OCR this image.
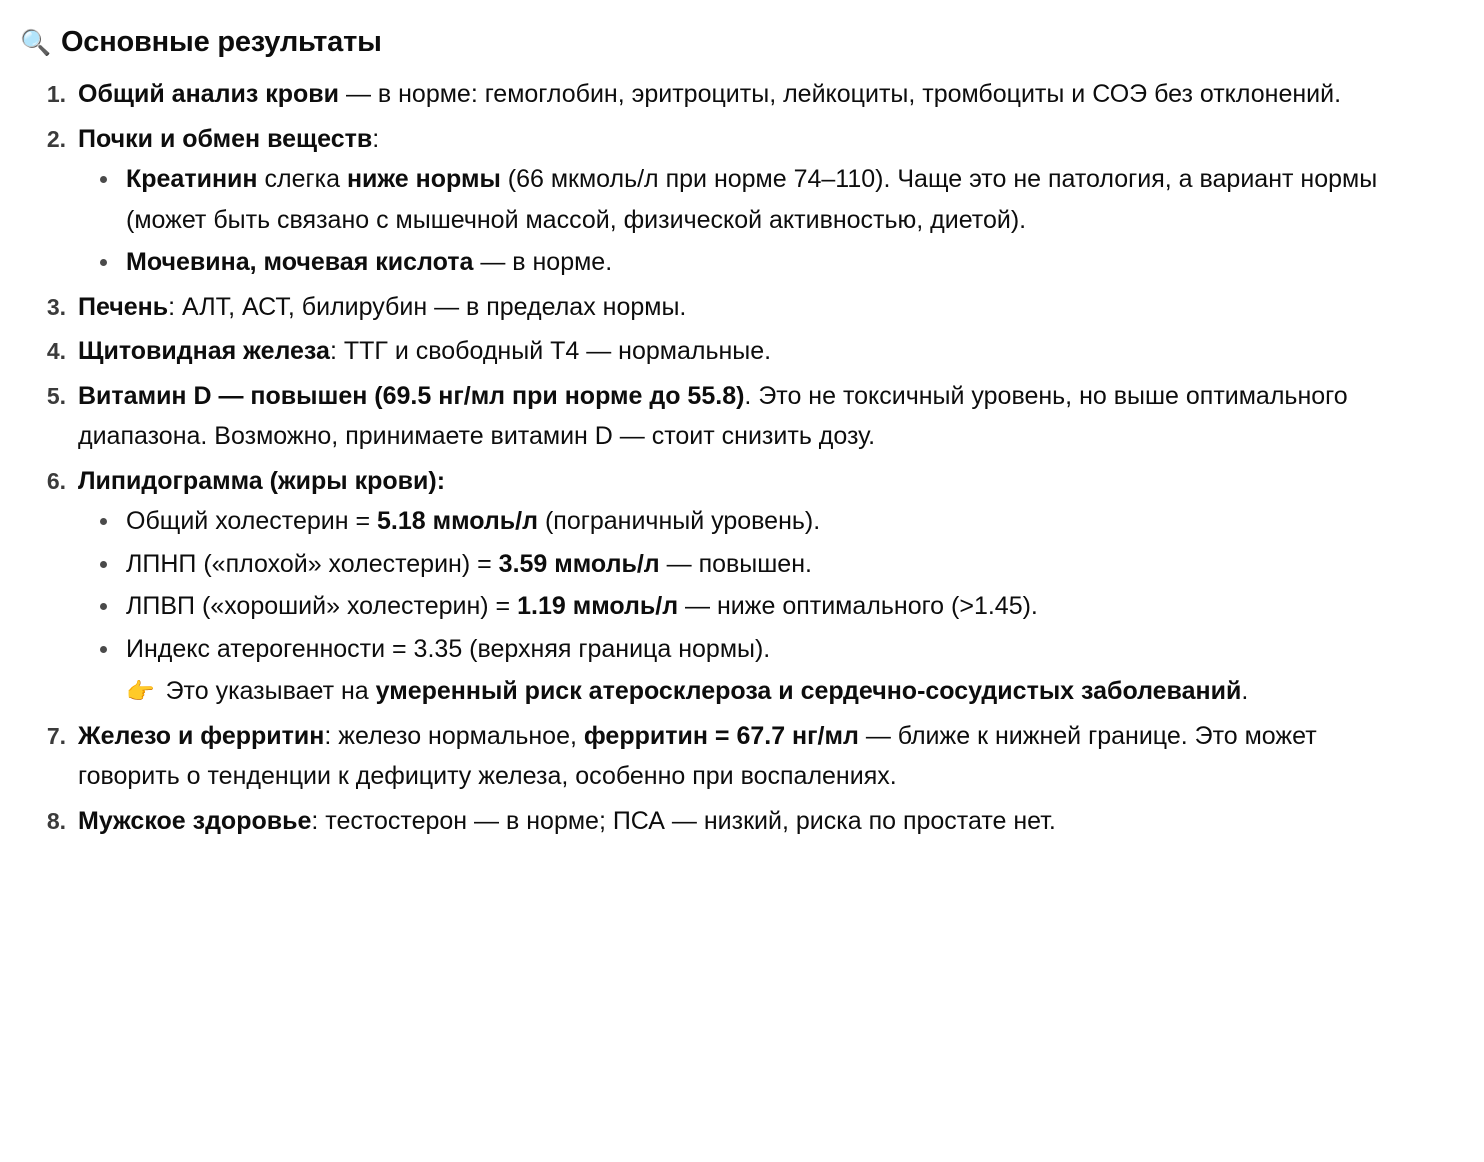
🔍 Основные результаты
Общий анализ крови — в нормe: гемоглобин, эритроциты, лейкоциты, тромбоциты и СОЭ без отклонений.
Почки и обмен веществ:
Креатинин слегка ниже нормы (66 мкмоль/л при норме 74–110). Чаще это не патология, а вариант нормы (может быть связано с мышечной массой, физической активностью, диетой).
Мочевина, мочевая кислота — в норме.
Печень: АЛТ, АСТ, билирубин — в пределах нормы.
Щитовидная железа: ТТГ и свободный Т4 — нормальные.
Витамин D — повышен (69.5 нг/мл при норме до 55.8). Это не токсичный уровень, но выше оптимального диапазона. Возможно, принимаете витамин D — стоит снизить дозу.
Липидограмма (жиры крови):
Общий холестерин = 5.18 ммоль/л (пограничный уровень).
ЛПНП («плохой» холестерин) = 3.59 ммоль/л — повышен.
ЛПВП («хороший» холестерин) = 1.19 ммоль/л — ниже оптимального (>1.45).
Индекс атерогенности = 3.35 (верхняя граница нормы).
👉 Это указывает на умеренный риск атеросклероза и сердечно-сосудистых заболеваний.
Железо и ферритин: железо нормальное, ферритин = 67.7 нг/мл — ближе к нижней границе. Это может говорить о тенденции к дефициту железа, особенно при воспалениях.
Мужское здоровье: тестостерон — в норме; ПСА — низкий, риска по простате нет.
